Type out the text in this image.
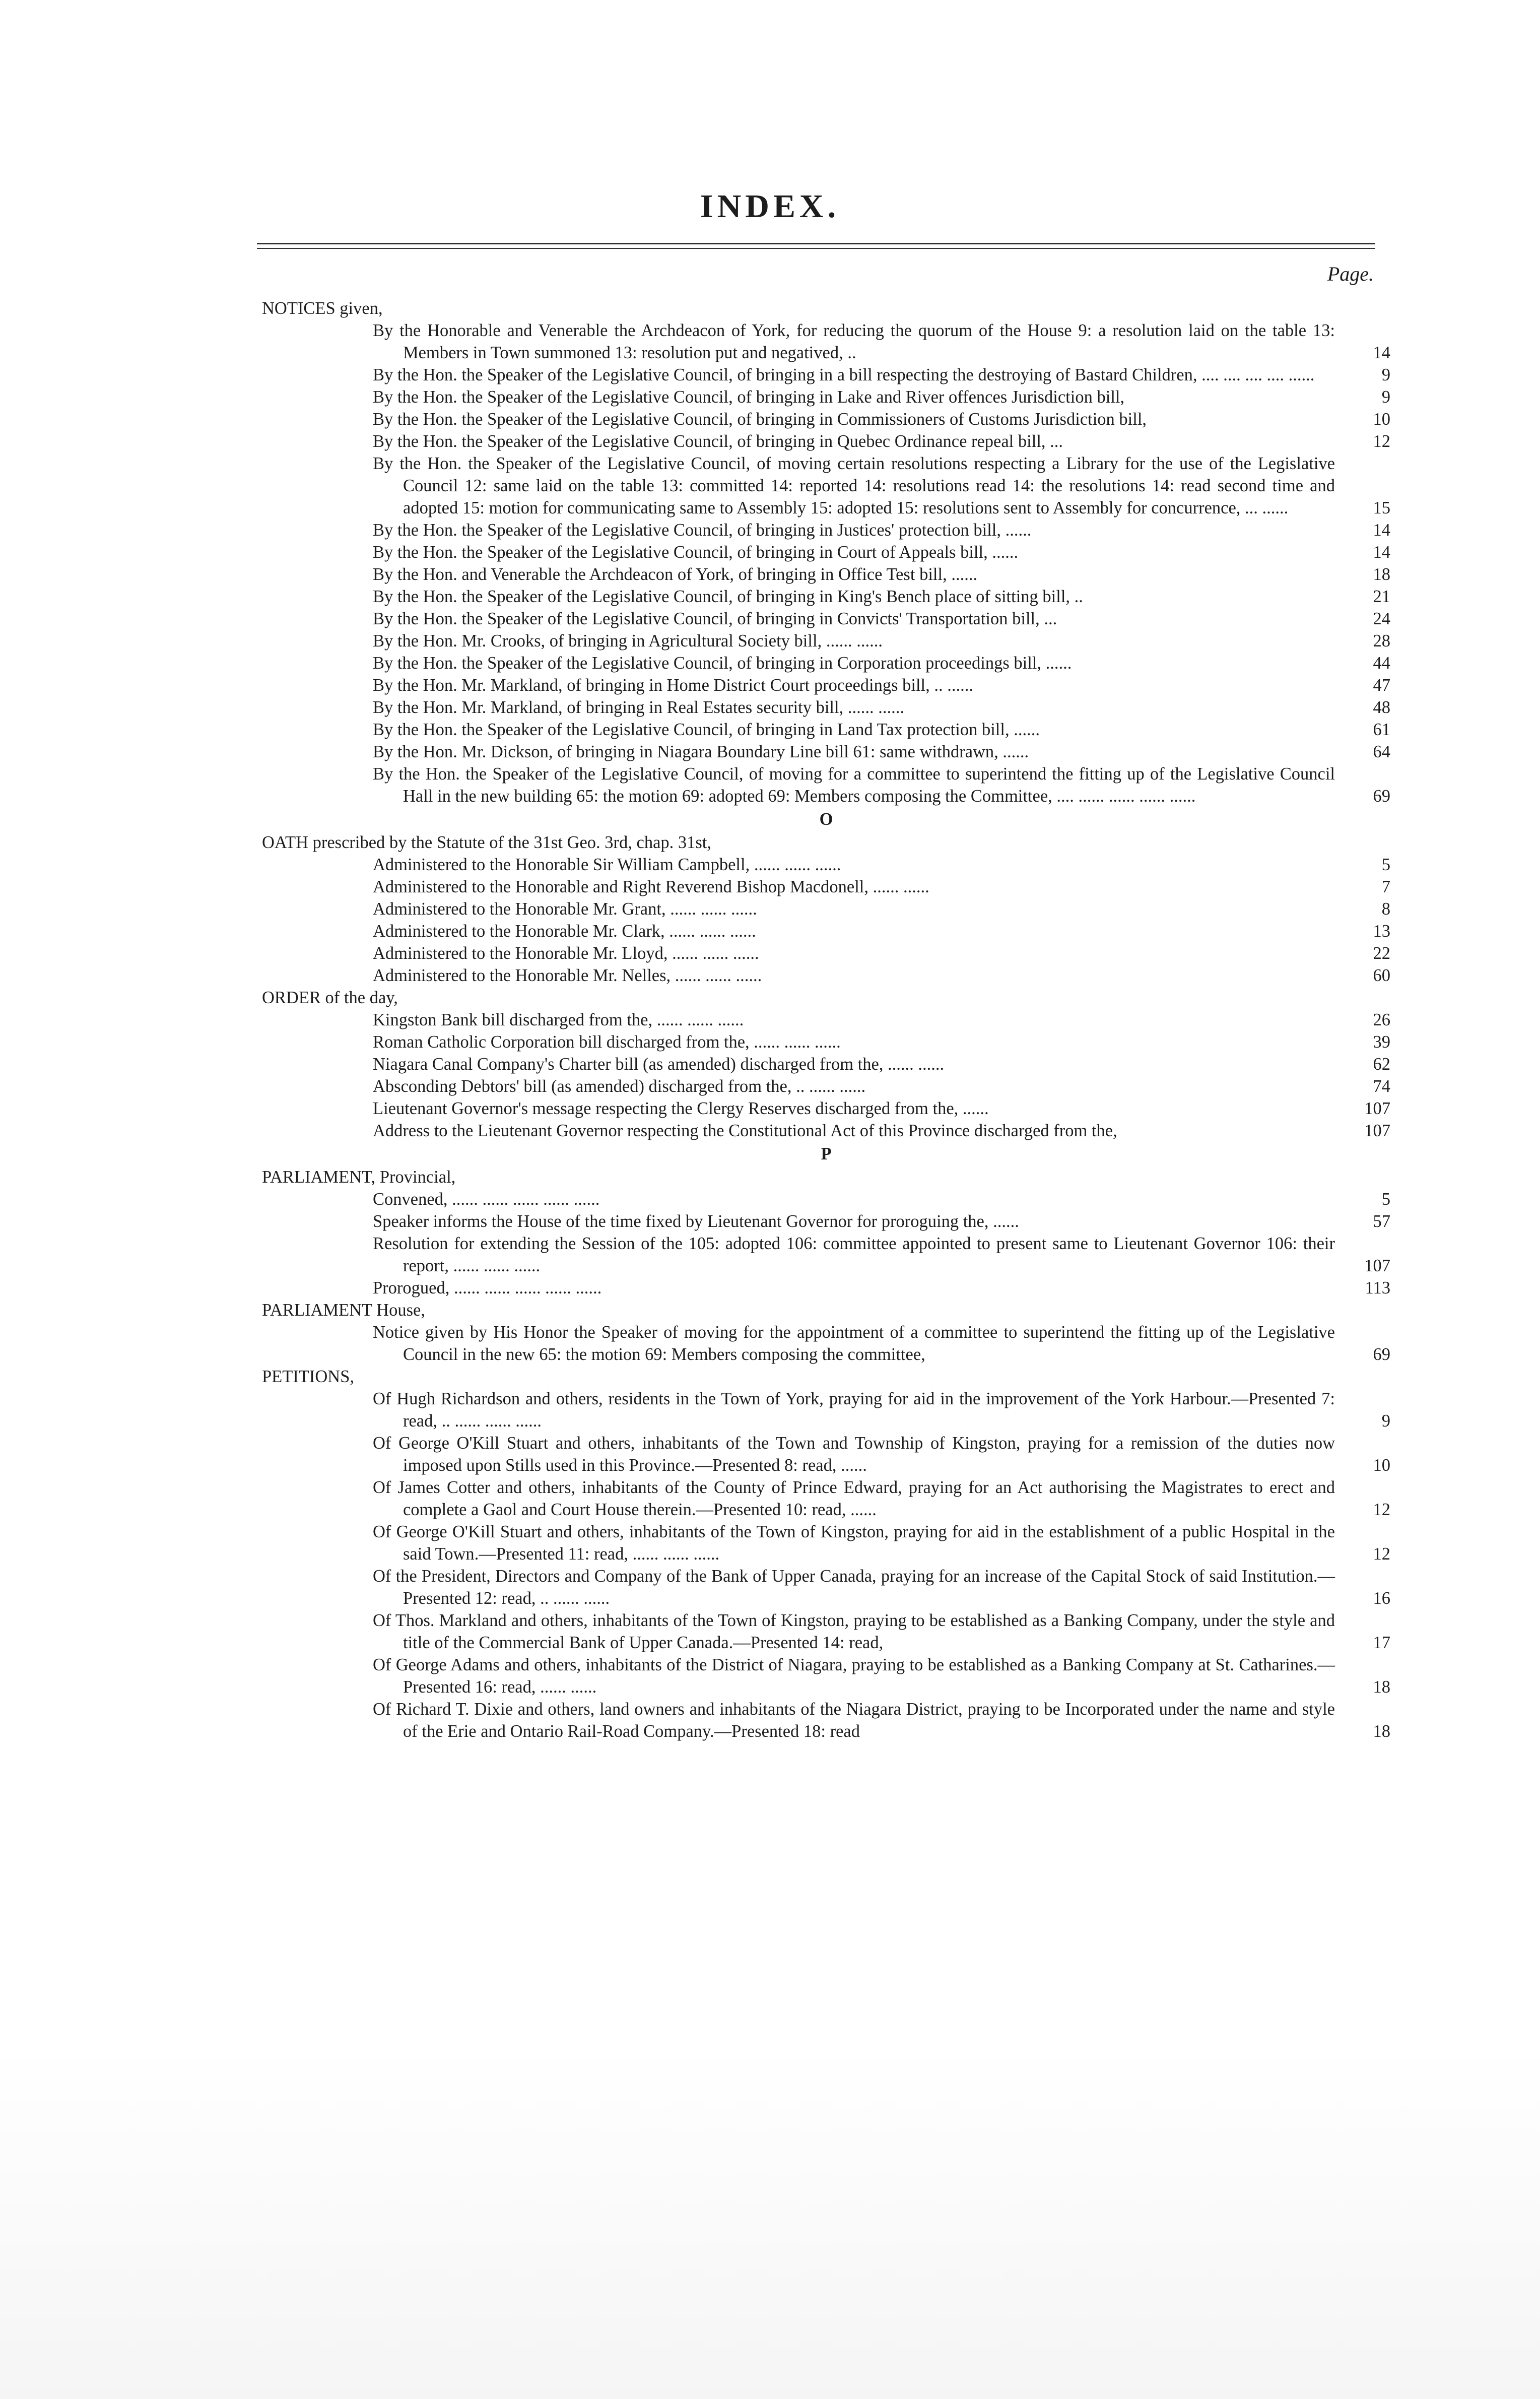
INDEX.
Page.
NOTICES given,
By the Honorable and Venerable the Archdeacon of York, for reducing the quorum of the House 9: a resolution laid on the table 13: Members in Town summoned 13: resolution put and negatived, ..	14
By the Hon. the Speaker of the Legislative Council, of bringing in a bill respecting the destroying of Bastard Children, .... .... .... .... ......	9
By the Hon. the Speaker of the Legislative Council, of bringing in Lake and River offences Jurisdiction bill,	9
By the Hon. the Speaker of the Legislative Council, of bringing in Commissioners of Customs Jurisdiction bill,	10
By the Hon. the Speaker of the Legislative Council, of bringing in Quebec Ordinance repeal bill, ...	12
By the Hon. the Speaker of the Legislative Council, of moving certain resolutions respecting a Library for the use of the Legislative Council 12: same laid on the table 13: committed 14: reported 14: resolutions read 14: the resolutions 14: read second time and adopted 15: motion for communicating same to Assembly 15: adopted 15: resolutions sent to Assembly for concurrence, ... ......	15
By the Hon. the Speaker of the Legislative Council, of bringing in Justices' protection bill, ......	14
By the Hon. the Speaker of the Legislative Council, of bringing in Court of Appeals bill, ......	14
By the Hon. and Venerable the Archdeacon of York, of bringing in Office Test bill, ......	18
By the Hon. the Speaker of the Legislative Council, of bringing in King's Bench place of sitting bill, ..	21
By the Hon. the Speaker of the Legislative Council, of bringing in Convicts' Transportation bill, ...	24
By the Hon. Mr. Crooks, of bringing in Agricultural Society bill, ...... ......	28
By the Hon. the Speaker of the Legislative Council, of bringing in Corporation proceedings bill, ......	44
By the Hon. Mr. Markland, of bringing in Home District Court proceedings bill, .. ......	47
By the Hon. Mr. Markland, of bringing in Real Estates security bill, ...... ......	48
By the Hon. the Speaker of the Legislative Council, of bringing in Land Tax protection bill, ......	61
By the Hon. Mr. Dickson, of bringing in Niagara Boundary Line bill 61: same withdrawn, ......	64
By the Hon. the Speaker of the Legislative Council, of moving for a committee to superintend the fitting up of the Legislative Council Hall in the new building 65: the motion 69: adopted 69: Members composing the Committee, .... ...... ...... ...... ......	69
O
OATH prescribed by the Statute of the 31st Geo. 3rd, chap. 31st,
Administered to the Honorable Sir William Campbell, ...... ...... ......	5
Administered to the Honorable and Right Reverend Bishop Macdonell, ...... ......	7
Administered to the Honorable Mr. Grant, ...... ...... ......	8
Administered to the Honorable Mr. Clark, ...... ...... ......	13
Administered to the Honorable Mr. Lloyd, ...... ...... ......	22
Administered to the Honorable Mr. Nelles, ...... ...... ......	60
ORDER of the day,
Kingston Bank bill discharged from the, ...... ...... ......	26
Roman Catholic Corporation bill discharged from the, ...... ...... ......	39
Niagara Canal Company's Charter bill (as amended) discharged from the, ...... ......	62
Absconding Debtors' bill (as amended) discharged from the, .. ...... ......	74
Lieutenant Governor's message respecting the Clergy Reserves discharged from the, ......	107
Address to the Lieutenant Governor respecting the Constitutional Act of this Province discharged from the,	107
P
PARLIAMENT, Provincial,
Convened, ...... ...... ...... ...... ......	5
Speaker informs the House of the time fixed by Lieutenant Governor for proroguing the, ......	57
Resolution for extending the Session of the 105: adopted 106: committee appointed to present same to Lieutenant Governor 106: their report, ...... ...... ......	107
Prorogued, ...... ...... ...... ...... ......	113
PARLIAMENT House,
Notice given by His Honor the Speaker of moving for the appointment of a committee to superintend the fitting up of the Legislative Council in the new 65: the motion 69: Members composing the committee,	69
PETITIONS,
Of Hugh Richardson and others, residents in the Town of York, praying for aid in the improvement of the York Harbour.—Presented 7: read, .. ...... ...... ......	9
Of George O'Kill Stuart and others, inhabitants of the Town and Township of Kingston, praying for a remission of the duties now imposed upon Stills used in this Province.—Presented 8: read, ......	10
Of James Cotter and others, inhabitants of the County of Prince Edward, praying for an Act authorising the Magistrates to erect and complete a Gaol and Court House therein.—Presented 10: read, ......	12
Of George O'Kill Stuart and others, inhabitants of the Town of Kingston, praying for aid in the establishment of a public Hospital in the said Town.—Presented 11: read, ...... ...... ......	12
Of the President, Directors and Company of the Bank of Upper Canada, praying for an increase of the Capital Stock of said Institution.—Presented 12: read, .. ...... ......	16
Of Thos. Markland and others, inhabitants of the Town of Kingston, praying to be established as a Banking Company, under the style and title of the Commercial Bank of Upper Canada.—Presented 14: read,	17
Of George Adams and others, inhabitants of the District of Niagara, praying to be established as a Banking Company at St. Catharines.—Presented 16: read, ...... ......	18
Of Richard T. Dixie and others, land owners and inhabitants of the Niagara District, praying to be Incorporated under the name and style of the Erie and Ontario Rail-Road Company.—Presented 18: read	18
